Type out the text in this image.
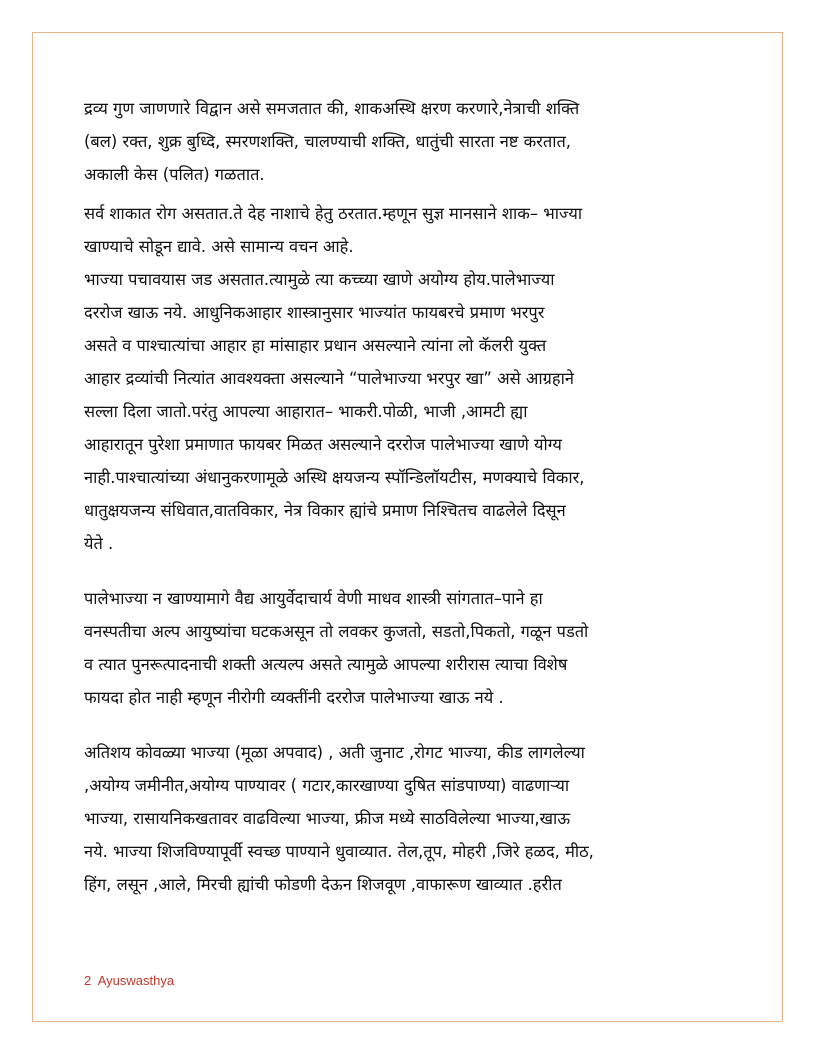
द्रव्य गुण जाणणारे विद्वान असे समजतात की, शाकअस्थि क्षरण करणारे,नेत्राची शक्ति
(बल) रक्त, शुक्र बुध्दि, स्मरणशक्ति, चालण्याची शक्ति, धातुंची सारता नष्ट करतात,
अकाली केस (पलित) गळतात.

सर्व शाकात रोग असतात.ते देह नाशाचे हेतु ठरतात.म्हणून सुज्ञ मानसाने शाक– भाज्या
खाण्याचे सोडून द्यावे. असे सामान्य वचन आहे.

भाज्या पचावयास जड असतात.त्यामुळे त्या कच्च्या खाणे अयोग्य होय.पालेभाज्या
दररोज खाऊ नये. आधुनिकआहार शास्त्रानुसार भाज्यांत फायबरचे प्रमाण भरपुर
असते व पाश्चात्यांचा आहार हा मांसाहार प्रधान असल्याने त्यांना लो कॅलरी युक्त
आहार द्रव्यांची नित्यांत आवश्यक्ता असल्याने “पालेभाज्या भरपुर खा” असे आग्रहाने
सल्ला दिला जातो.परंतु आपल्या आहारात– भाकरी.पोळी, भाजी ,आमटी ह्या
आहारातून पुरेशा प्रमाणात फायबर मिळत असल्याने दररोज पालेभाज्या खाणे योग्य
नाही.पाश्चात्यांच्या अंधानुकरणामूळे अस्थि क्षयजन्य स्पॉन्डिलॉयटीस, मणक्याचे विकार,
धातुक्षयजन्य संधिवात,वातविकार, नेत्र विकार ह्यांचे प्रमाण निश्चितच वाढलेले दिसून
येते .

पालेभाज्या न खाण्यामागे वैद्य आयुर्वेदाचार्य वेणी माधव शास्त्री सांगतात–पाने हा
वनस्पतीचा अल्प आयुष्यांचा घटकअसून तो लवकर कुजतो, सडतो,पिकतो, गळून पडतो
व त्यात पुनरूत्पादनाची शक्ती अत्यल्प असते त्यामुळे आपल्या शरीरास त्याचा विशेष
फायदा होत नाही म्हणून नीरोगी व्यक्तींनी दररोज पालेभाज्या खाऊ नये .

अतिशय कोवळ्या भाज्या (मूळा अपवाद) , अती जुनाट ,रोगट भाज्या, कीड लागलेल्या
,अयोग्य जमीनीत,अयोग्य पाण्यावर ( गटार,कारखाण्या दुषित सांडपाण्या) वाढणाऱ्या
भाज्या, रासायनिकखतावर वाढविल्या भाज्या, फ्रीज मध्ये साठविलेल्या भाज्या,खाऊ
नये. भाज्या शिजविण्यापूर्वी स्वच्छ पाण्याने धुवाव्यात. तेल,तूप, मोहरी ,जिरे हळद, मीठ,
हिंग, लसून ,आले, मिरची ह्यांची फोडणी देऊन शिजवूण ,वाफारूण खाव्यात .हरीत

2 Ayuswasthya
